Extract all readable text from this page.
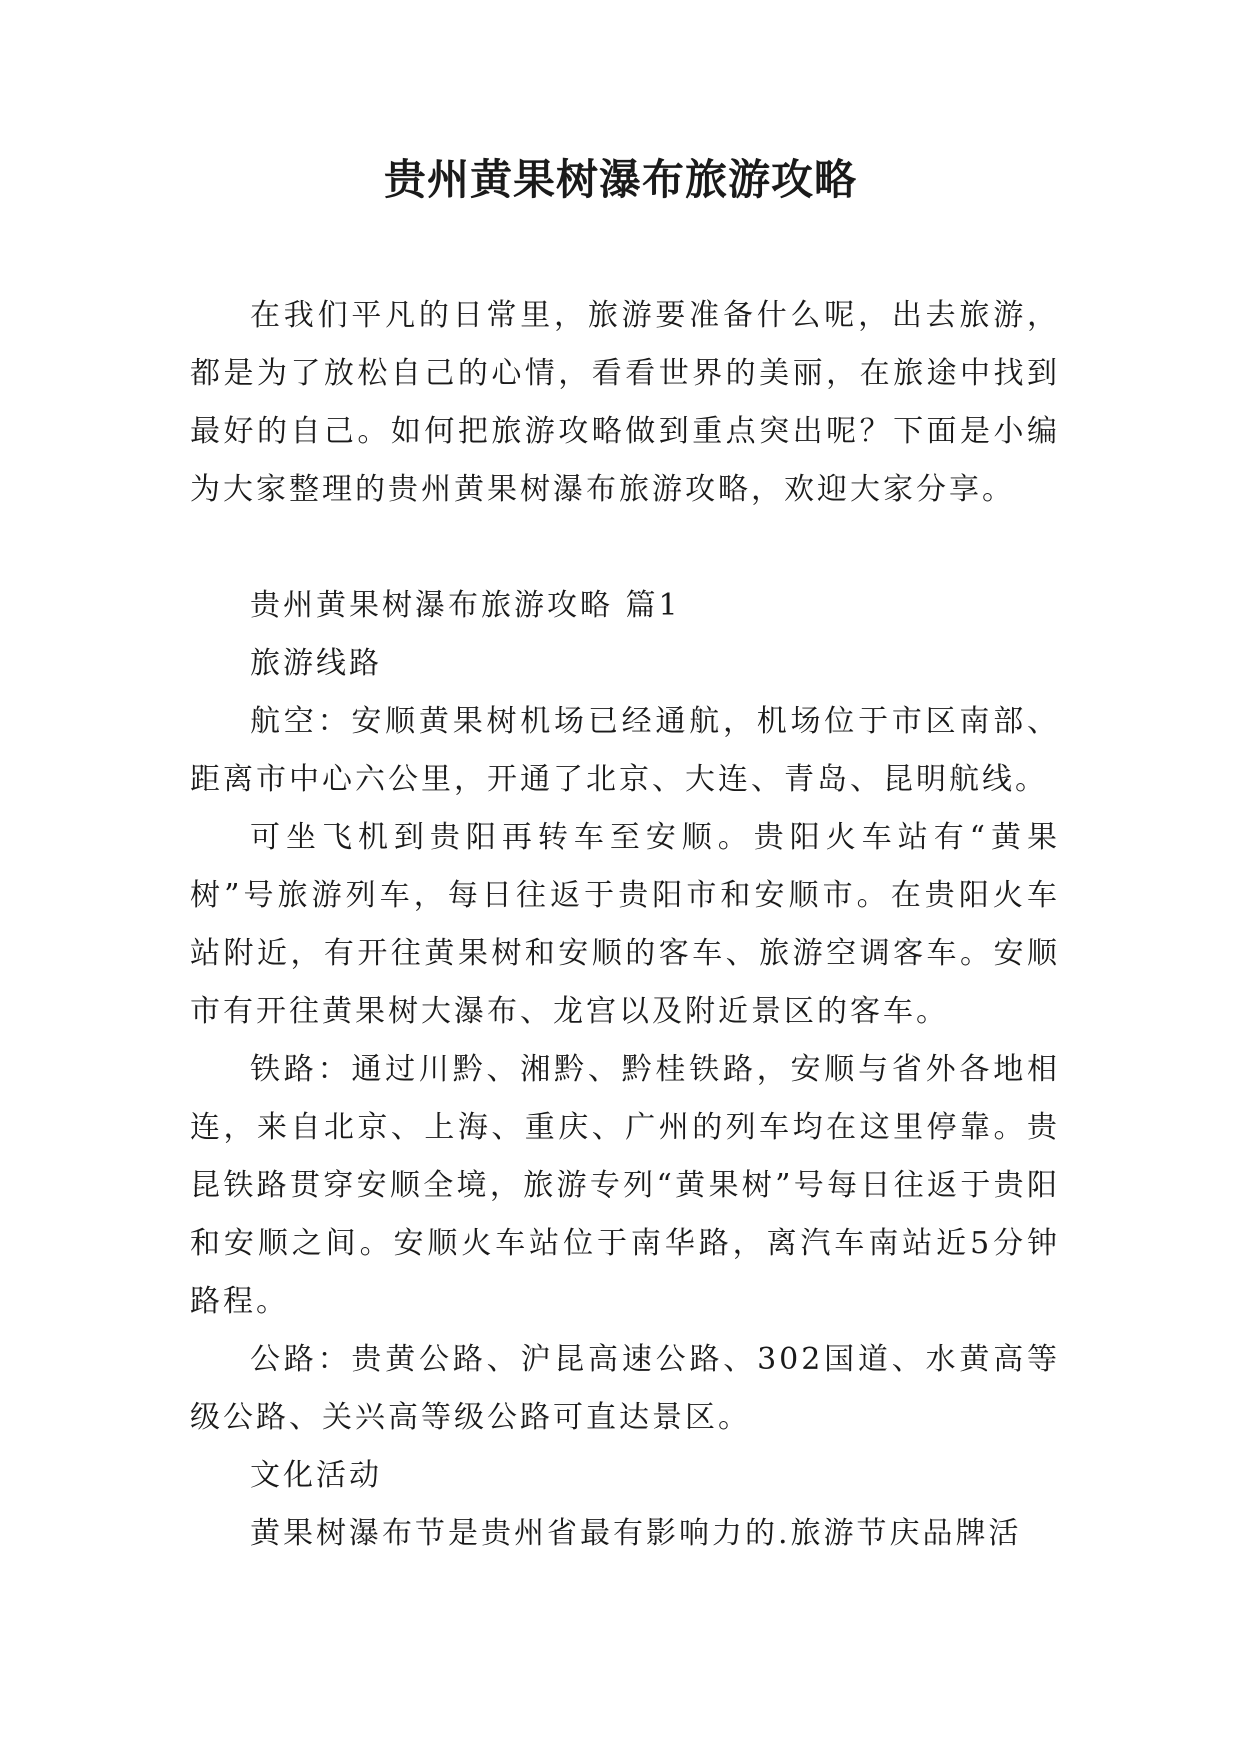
贵州黄果树瀑布旅游攻略

在我们平凡的日常里，旅游要准备什么呢，出去旅游，都是为了放松自己的心情，看看世界的美丽，在旅途中找到最好的自己。如何把旅游攻略做到重点突出呢？下面是小编为大家整理的贵州黄果树瀑布旅游攻略，欢迎大家分享。

贵州黄果树瀑布旅游攻略 篇1

旅游线路

航空：安顺黄果树机场已经通航，机场位于市区南部、距离市中心六公里，开通了北京、大连、青岛、昆明航线。

可坐飞机到贵阳再转车至安顺。贵阳火车站有“黄果树”号旅游列车，每日往返于贵阳市和安顺市。在贵阳火车站附近，有开往黄果树和安顺的客车、旅游空调客车。安顺市有开往黄果树大瀑布、龙宫以及附近景区的客车。

铁路：通过川黔、湘黔、黔桂铁路，安顺与省外各地相连，来自北京、上海、重庆、广州的列车均在这里停靠。贵昆铁路贯穿安顺全境，旅游专列“黄果树”号每日往返于贵阳和安顺之间。安顺火车站位于南华路，离汽车南站近5分钟路程。

公路：贵黄公路、沪昆高速公路、302国道、水黄高等级公路、关兴高等级公路可直达景区。

文化活动

黄果树瀑布节是贵州省最有影响力的.旅游节庆品牌活
